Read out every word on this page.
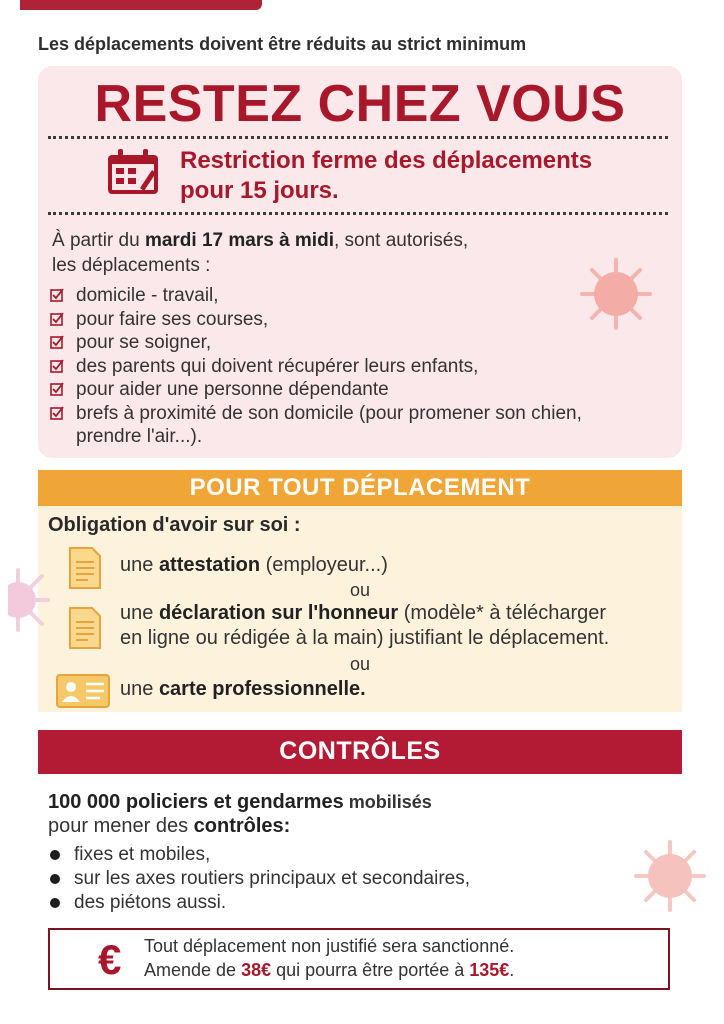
Les déplacements doivent être réduits au strict minimum
RESTEZ CHEZ VOUS
Restriction ferme des déplacements
pour 15 jours.
À partir du mardi 17 mars à midi, sont autorisés,
les déplacements :
domicile - travail,
pour faire ses courses,
pour se soigner,
des parents qui doivent récupérer leurs enfants,
pour aider une personne dépendante
brefs à proximité de son domicile (pour promener son chien,
prendre l'air...).
POUR TOUT DÉPLACEMENT
Obligation d'avoir sur soi :
une attestation (employeur...)
ou
une déclaration sur l'honneur (modèle* à télécharger
en ligne ou rédigée à la main) justifiant le déplacement.
ou
une carte professionnelle.
CONTRÔLES
100 000 policiers et gendarmes mobilisés
pour mener des contrôles:
fixes et mobiles,
sur les axes routiers principaux et secondaires,
des piétons aussi.
€ Tout déplacement non justifié sera sanctionné.
Amende de 38€ qui pourra être portée à 135€.
